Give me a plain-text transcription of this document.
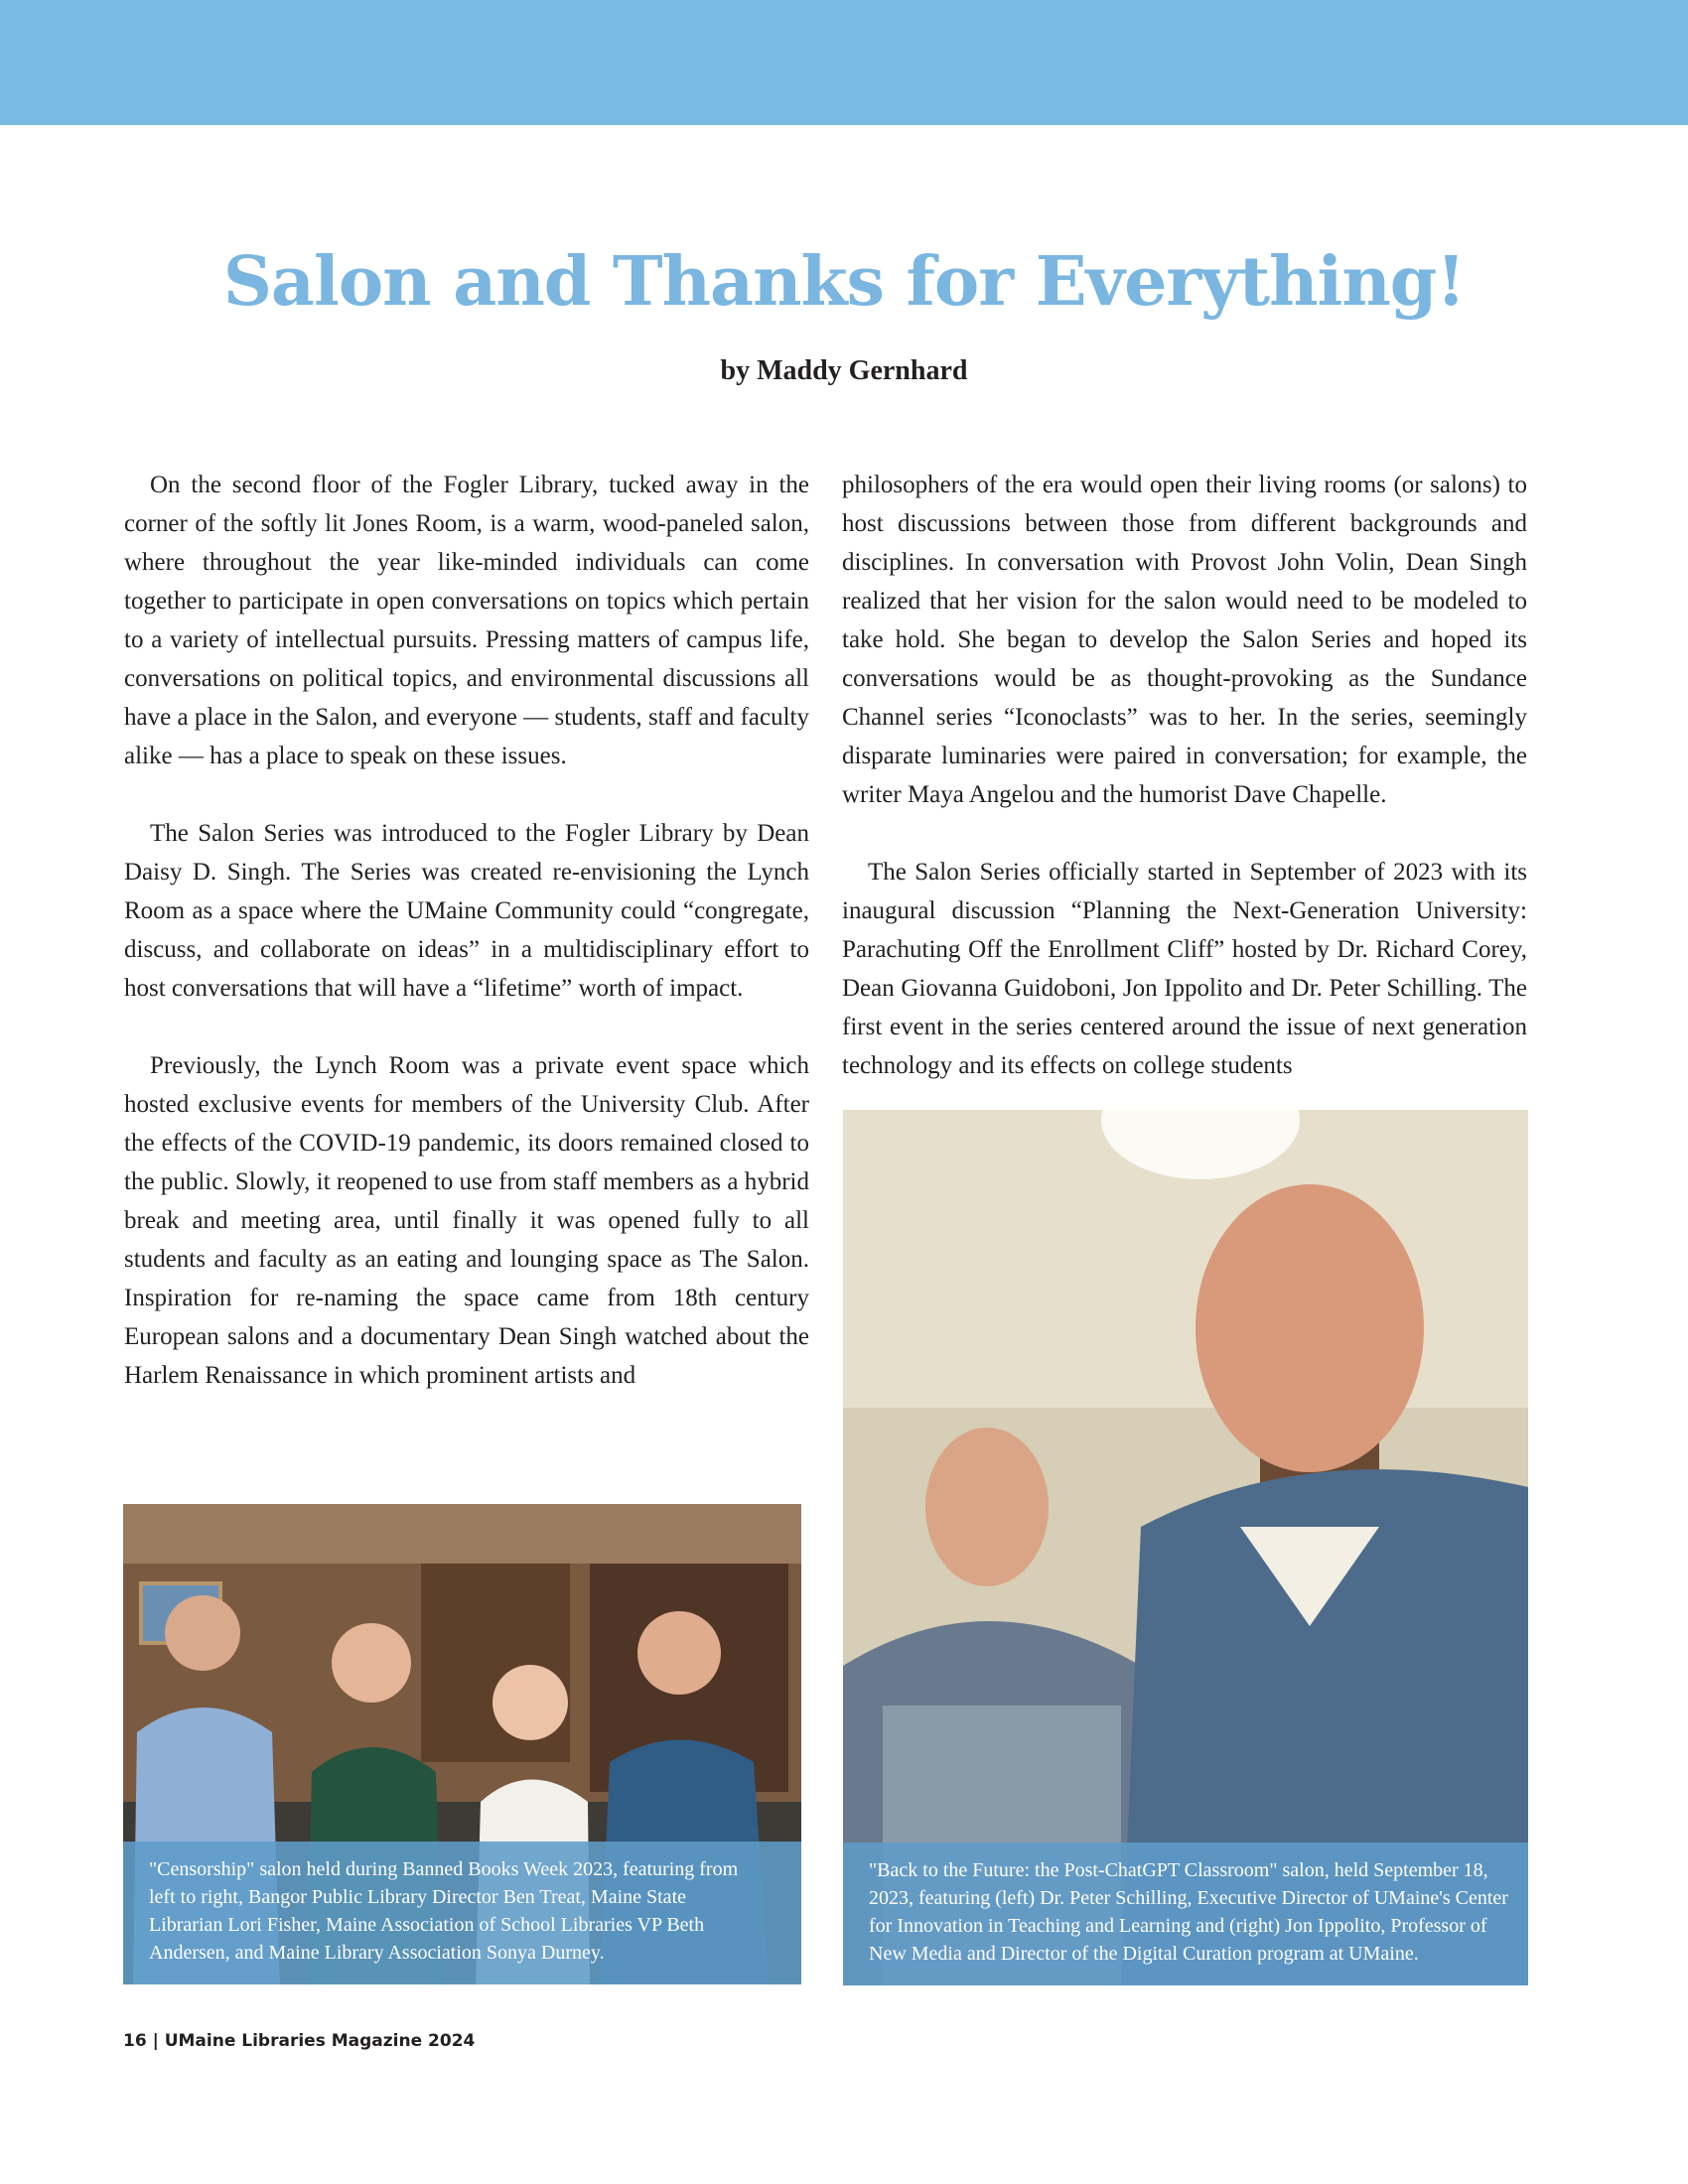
Salon and Thanks for Everything!
by Maddy Gernhard

On the second floor of the Fogler Library, tucked away in the corner of the softly lit Jones Room, is a warm, wood-paneled salon, where throughout the year like-minded individuals can come together to participate in open conversations on topics which pertain to a variety of intellectual pursuits. Pressing matters of campus life, conversations on political topics, and environmental discussions all have a place in the Salon, and everyone — students, staff and faculty alike — has a place to speak on these issues.

The Salon Series was introduced to the Fogler Library by Dean Daisy D. Singh. The Series was created re-envisioning the Lynch Room as a space where the UMaine Community could “congregate, discuss, and collaborate on ideas” in a multidisciplinary effort to host conversations that will have a “lifetime” worth of impact.

Previously, the Lynch Room was a private event space which hosted exclusive events for members of the University Club. After the effects of the COVID-19 pandemic, its doors remained closed to the public. Slowly, it reopened to use from staff members as a hybrid break and meeting area, until finally it was opened fully to all students and faculty as an eating and lounging space as The Salon. Inspiration for re-naming the space came from 18th century European salons and a documentary Dean Singh watched about the Harlem Renaissance in which prominent artists and

philosophers of the era would open their living rooms (or salons) to host discussions between those from different backgrounds and disciplines. In conversation with Provost John Volin, Dean Singh realized that her vision for the salon would need to be modeled to take hold. She began to develop the Salon Series and hoped its conversations would be as thought-provoking as the Sundance Channel series “Iconoclasts” was to her. In the series, seemingly disparate luminaries were paired in conversation; for example, the writer Maya Angelou and the humorist Dave Chapelle.

The Salon Series officially started in September of 2023 with its inaugural discussion “Planning the Next-Generation University: Parachuting Off the Enrollment Cliff” hosted by Dr. Richard Corey, Dean Giovanna Guidoboni, Jon Ippolito and Dr. Peter Schilling. The first event in the series centered around the issue of next generation technology and its effects on college students

"Censorship" salon held during Banned Books Week 2023, featuring from left to right, Bangor Public Library Director Ben Treat, Maine State Librarian Lori Fisher, Maine Association of School Libraries VP Beth Andersen, and Maine Library Association Sonya Durney.
"Back to the Future: the Post-ChatGPT Classroom" salon, held September 18, 2023, featuring (left) Dr. Peter Schilling, Executive Director of UMaine's Center for Innovation in Teaching and Learning and (right) Jon Ippolito, Professor of New Media and Director of the Digital Curation program at UMaine.
16 | UMaine Libraries Magazine 2024
